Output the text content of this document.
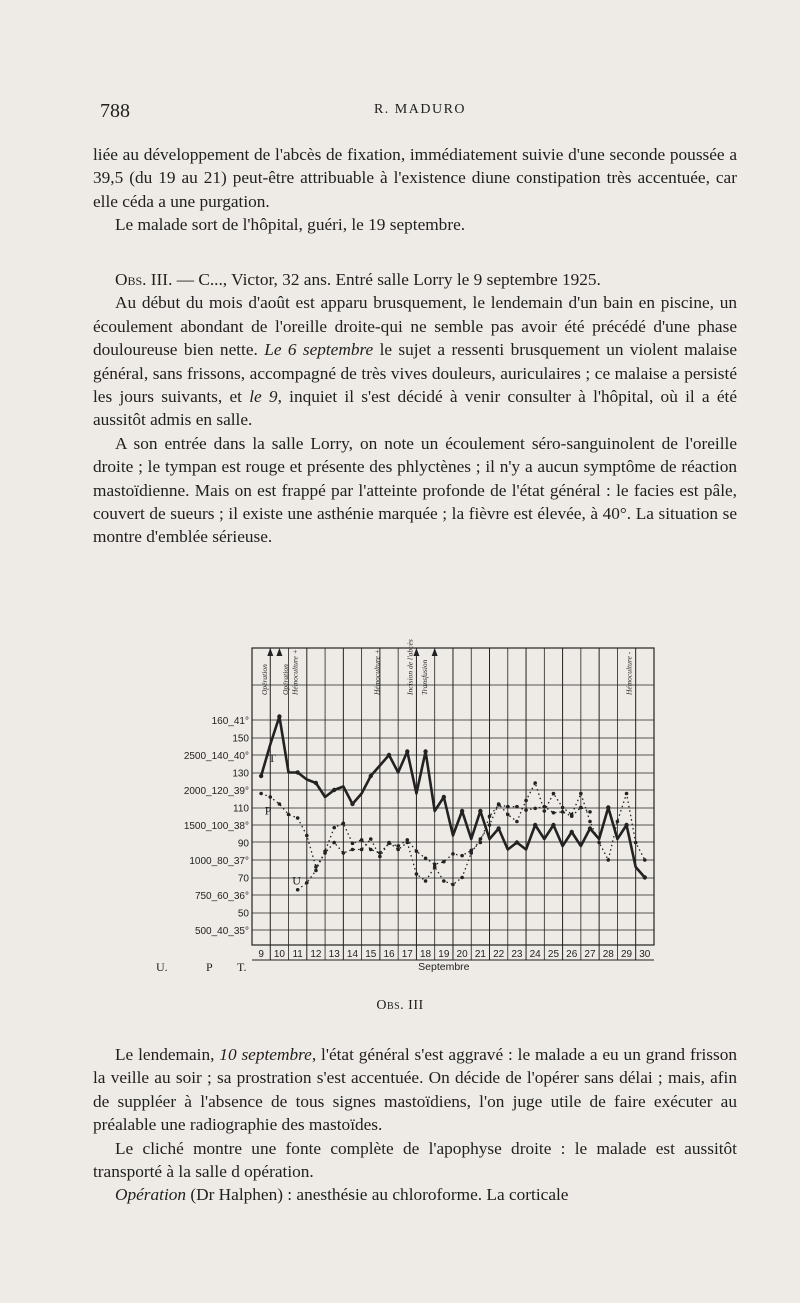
788	R. MADURO

liée au développement de l'abcès de fixation, immédiatement suivie d'une seconde poussée a 39,5 (du 19 au 21) peut-être attribuable à l'existence diune constipation très accentuée, car elle céda a une purgation.

Le malade sort de l'hôpital, guéri, le 19 septembre.

Obs. III. — C..., Victor, 32 ans. Entré salle Lorry le 9 septembre 1925.

Au début du mois d'août est apparu brusquement, le lendemain d'un bain en piscine, un écoulement abondant de l'oreille droite-qui ne semble pas avoir été précédé d'une phase douloureuse bien nette. Le 6 septembre le sujet a ressenti brusquement un violent malaise général, sans frissons, accompagné de très vives douleurs, auriculaires ; ce malaise a persisté les jours suivants, et le 9, inquiet il s'est décidé à venir consulter à l'hôpital, où il a été aussitôt admis en salle.

A son entrée dans la salle Lorry, on note un écoulement séro-sanguinolent de l'oreille droite ; le tympan est rouge et présente des phlyctènes ; il n'y a aucun symptôme de réaction mastoïdienne. Mais on est frappé par l'atteinte profonde de l'état général : le facies est pâle, couvert de sueurs ; il existe une asthénie marquée ; la fièvre est élevée, à 40°. La situation se montre d'emblée sérieuse.

160_41°
150
2500_140_40°
130
2000_120_39°
110
1500_100_38°
90
1000_80_37°
70
750_60_36°
50
500_40_35°
9 10 11 12 13 14 15 16 17 18 19 20 21 22 23 24 25 26 27 28 29 30
Septembre
U.	P T.
Opération Opération Hémoculture +	Hémoculture +	Incision de l'abcès Transfusion	Hémoculture -
T
P
U
Obs. III

Le lendemain, 10 septembre, l'état général s'est aggravé : le malade a eu un grand frisson la veille au soir ; sa prostration s'est accentuée. On décide de l'opérer sans délai ; mais, afin de suppléer à l'absence de tous signes mastoïdiens, l'on juge utile de faire exécuter au préalable une radiographie des mastoïdes.

Le cliché montre une fonte complète de l'apophyse droite : le malade est aussitôt transporté à la salle d opération.

Opération (Dr Halphen) : anesthésie au chloroforme. La corticale
